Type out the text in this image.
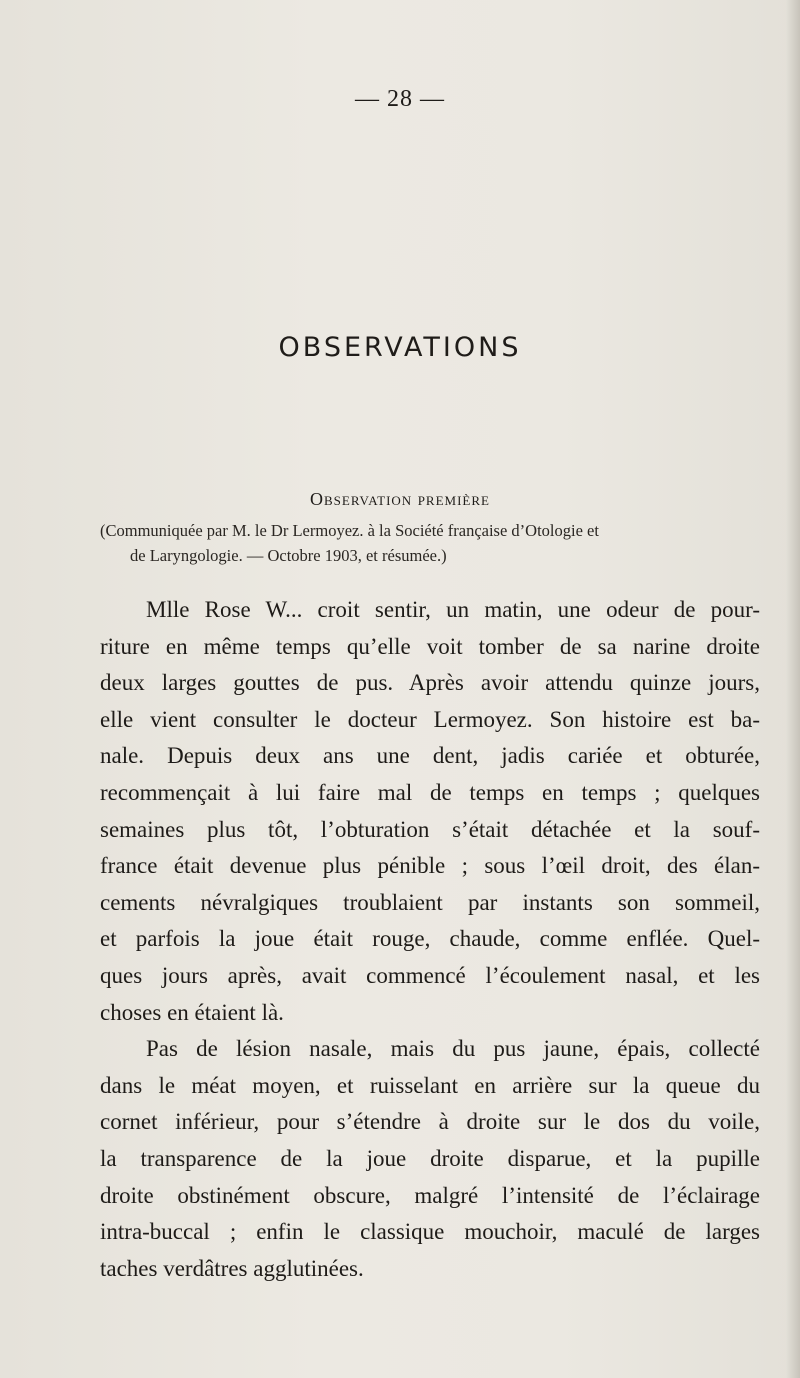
— 28 —
OBSERVATIONS
Observation première
(Communiquée par M. le Dr Lermoyez. à la Société française d’Otologie et
de Laryngologie. — Octobre 1903, et résumée.)
Mlle Rose W... croit sentir, un matin, une odeur de pour-
riture en même temps qu’elle voit tomber de sa narine droite
deux larges gouttes de pus. Après avoir attendu quinze jours,
elle vient consulter le docteur Lermoyez. Son histoire est ba-
nale. Depuis deux ans une dent, jadis cariée et obturée,
recommençait à lui faire mal de temps en temps ; quelques
semaines plus tôt, l’obturation s’était détachée et la souf-
france était devenue plus pénible ; sous l’œil droit, des élan-
cements névralgiques troublaient par instants son sommeil,
et parfois la joue était rouge, chaude, comme enflée. Quel-
ques jours après, avait commencé l’écoulement nasal, et les
choses en étaient là.
Pas de lésion nasale, mais du pus jaune, épais, collecté
dans le méat moyen, et ruisselant en arrière sur la queue du
cornet inférieur, pour s’étendre à droite sur le dos du voile,
la transparence de la joue droite disparue, et la pupille
droite obstinément obscure, malgré l’intensité de l’éclairage
intra-buccal ; enfin le classique mouchoir, maculé de larges
taches verdâtres agglutinées.
